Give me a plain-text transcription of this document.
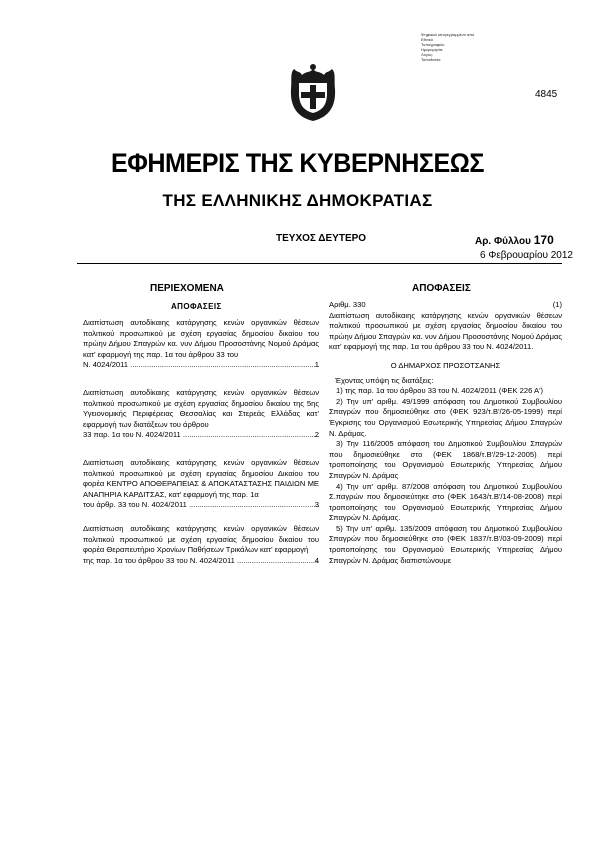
Ψηφιακά υπογεγραμμένο από
Εθνικό
Τυπογραφείο
Ημερομηνία:
Λόγος:
Τοποθεσία:
4845
ΕΦΗΜΕΡΙΣ ΤΗΣ ΚΥΒΕΡΝΗΣΕΩΣ
ΤΗΣ ΕΛΛΗΝΙΚΗΣ ΔΗΜΟΚΡΑΤΙΑΣ
ΤΕΥΧΟΣ ΔΕΥΤΕΡΟ	Αρ. Φύλλου 170
6 Φεβρουαρίου 2012
ΠΕΡΙΕΧΟΜΕΝΑ
ΑΠΟΦΑΣΕΙΣ
Διαπίστωση αυτοδίκαιης κατάργησης κενών οργανικών θέσεων πολιτικού προσωπικού με σχέση εργασίας δημοσίου δικαίου του πρώην Δήμου Σπαγρών κα. νυν Δήμου Προσοστάνης Νομού Δράμας κατ' εφαρμογή της παρ. 1α του άρθρου 33 του
Ν. 4024/2011 .....	1
Διαπίστωση αυτοδίκαιης κατάργησης κενών οργανικών θέσεων πολιτικού προσωπικού με σχέση εργασίας δημοσίου δικαίου της 5ης Υγειονομικής Περιφέρειας Θεσσαλίας και Στερεάς Ελλάδας κατ' εφαρμογή των διατάξεων του άρθρου
33 παρ. 1α του Ν. 4024/2011 .....	2
Διαπίστωση αυτοδίκαιης κατάργησης κενών οργανικών θέσεων πολιτικού προσωπικού με σχέση εργασίας δημοσίου Δικαίου του φορέα ΚΕΝΤΡΟ ΑΠΟΘΕΡΑΠΕΙΑΣ & ΑΠΟΚΑΤΑΣΤΑΣΗΣ ΠΑΙΔΙΩΝ ΜΕ ΑΝΑΠΗΡΙΑ ΚΑΡΔΙΤΣΑΣ, κατ' εφαρμογή της παρ. 1α
του άρθρ. 33 του Ν. 4024/2011 .....	3
Διαπίστωση αυτοδίκαιης κατάργησης κενών οργανικών θέσεων πολιτικού προσωπικού με σχέση εργασίας δημοσίου δικαίου του φορέα Θεραπευτήριο Χρονίων Παθήσεων Τρικάλων κατ' εφαρμογή
της παρ. 1α του άρθρου 33 του Ν. 4024/2011 .....	4
ΑΠΟΦΑΣΕΙΣ
Αριθμ. 330	(1)

Διαπίστωση αυτοδίκαιης κατάργησης κενών οργανικών θέσεων πολιτικού προσωπικού με σχέση εργασίας δημοσίου δικαίου του πρώην Δήμου Σπαγρών κα. νυν Δήμου Προσοστάνης Νομού Δράμας κατ' εφαρμογή της παρ. 1α του άρθρου 33 του Ν. 4024/2011.

Ο ΔΗΜΑΡΧΟΣ ΠΡΟΣΟΤΣΑΝΗΣ

Έχοντας υπόψη τις διατάξεις:

1) της παρ. 1α του άρθρου 33 του Ν. 4024/2011 (ΦΕΚ 226 Α')

2) Την υπ' αριθμ. 49/1999 απόφαση του Δημοτικού Συμβουλίου Σπαγρών που δημοσιεύθηκε στο (ΦΕΚ 923/τ.Β'/26-05-1999) περί Έγκρισης του Οργανισμού Εσωτερικής Υπηρεσίας Δήμου Σπαγρών Ν. Δράμας.

3) Την 116/2005 απόφαση του Δημοτικού Συμβουλίου Σπαγρών που δημοσιεύθηκε στο (ΦΕΚ 1868/τ.Β'/29-12-2005) περί τροποποίησης του Οργανισμού Εσωτερικής Υπηρεσίας Δήμου Σπαγρών Ν. Δράμας

4) Την υπ' αριθμ. 87/2008 απόφαση του Δημοτικού Συμβουλίου Σ.παγρών που δημοσιεύτηκε στο (ΦΕΚ 1643/τ.Β'/14-08-2008) περί τροποποίησης του Οργανισμού Εσωτερικής Υπηρεσίας Δήμου Σπαγρών Ν. Δράμας.

5) Την υπ' αριθμ. 135/2009 απόφαση του Δημοτικού Συμβουλίου Σπαγρών που δημοσιεύθηκε στο (ΦΕΚ 1837/τ.Β'/03-09-2009) περί τροποποίησης του Οργανισμού Εσωτερικής Υπηρεσίας Δήμου Σπαγρών Ν. Δράμας διαπιστώνουμε
